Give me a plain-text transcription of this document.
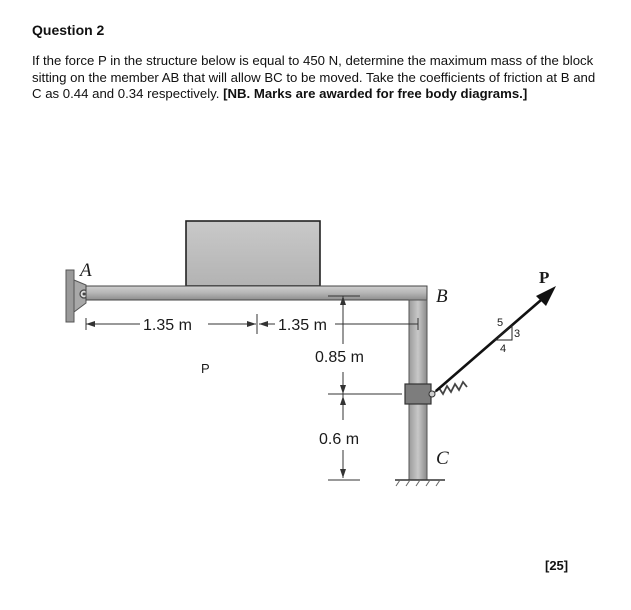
Question 2

If the force P in the structure below is equal to 450 N, determine the maximum mass of the block sitting on the member AB that will allow BC to be moved. Take the coefficients of friction at B and C as 0.44 and 0.34 respectively. [NB. Marks are awarded for free body diagrams.]

5
3
4
A
B
C
P
P
1.35 m	1.35 m
0.85 m
0.6 m
[25]
